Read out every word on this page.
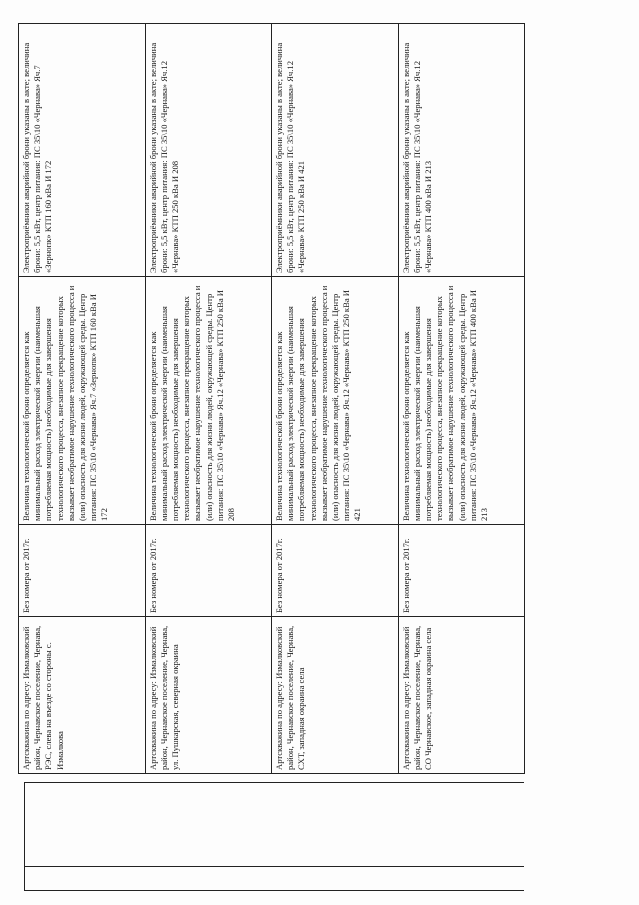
Артскважина по адресу: Измалковский район, Чернавское поселение, Чернава, РЭС, слева на въезде со стороны с. Измалкова	Без номера от 2017г.	Величина технологической брони определяется как минимальный расход электрической энергии (наименьшая потребляемая мощность) необходимые для завершения технологического процесса, внезапное прекращение которых вызывает необратимое нарушение технологического процесса и (или) опасность для жизни людей, окружающей среды. Центр питания: ПС 35\10 «Чернава» Яч.7 «Зернопк» КТП 160 кВа И 172	Электроприёмники аварийной брони указаны в акте; величина брони: 5,5 кВт, центр питания: ПС 35\10 «Чернава» Яч.7 «Зернопк» КТП 160 кВа И 172
Артскважина по адресу: Измалковский район, Чернавское поселение, Чернава, ул. Пушкарская, северная окраина	Без номера от 2017г.	Величина технологической брони определяется как минимальный расход электрической энергии (наименьшая потребляемая мощность) необходимые для завершения технологического процесса, внезапное прекращение которых вызывает необратимое нарушение технологического процесса и (или) опасность для жизни людей, окружающей среды. Центр питания: ПС 35\10 «Чернава» Яч.12 «Чернава» КТП 250 кВа И 208	Электроприёмники аварийной брони указаны в акте; величина брони: 5,5 кВт, центр питания: ПС 35\10 «Чернава» Яч.12 «Чернава» КТП 250 кВа И 208
Артскважина по адресу: Измалковский район, Чернавское поселение, Чернава, СХТ, западная окраина села	Без номера от 2017г.	Величина технологической брони определяется как минимальный расход электрической энергии (наименьшая потребляемая мощность) необходимые для завершения технологического процесса, внезапное прекращение которых вызывает необратимое нарушение технологического процесса и (или) опасность для жизни людей, окружающей среды. Центр питания: ПС 35\10 «Чернава» Яч.12 «Чернава» КТП 250 кВа И 421	Электроприёмники аварийной брони указаны в акте; величина брони: 5,5 кВт, центр питания: ПС 35\10 «Чернава» Яч.12 «Чернава» КТП 250 кВа И 421
Артскважина по адресу: Измалковский район, Чернавское поселение, Чернава, СО Чернавское, западная окраина села	Без номера от 2017г.	Величина технологической брони определяется как минимальный расход электрической энергии (наименьшая потребляемая мощность) необходимые для завершения технологического процесса, внезапное прекращение которых вызывает необратимое нарушение технологического процесса и (или) опасность для жизни людей, окружающей среды. Центр питания: ПС 35\10 «Чернава» Яч.12 «Чернава» КТП 400 кВа И 213	Электроприёмники аварийной брони указаны в акте; величина брони: 5,5 кВт, центр питания: ПС 35\10 «Чернава» Яч.12 «Чернава» КТП 400 кВа И 213
